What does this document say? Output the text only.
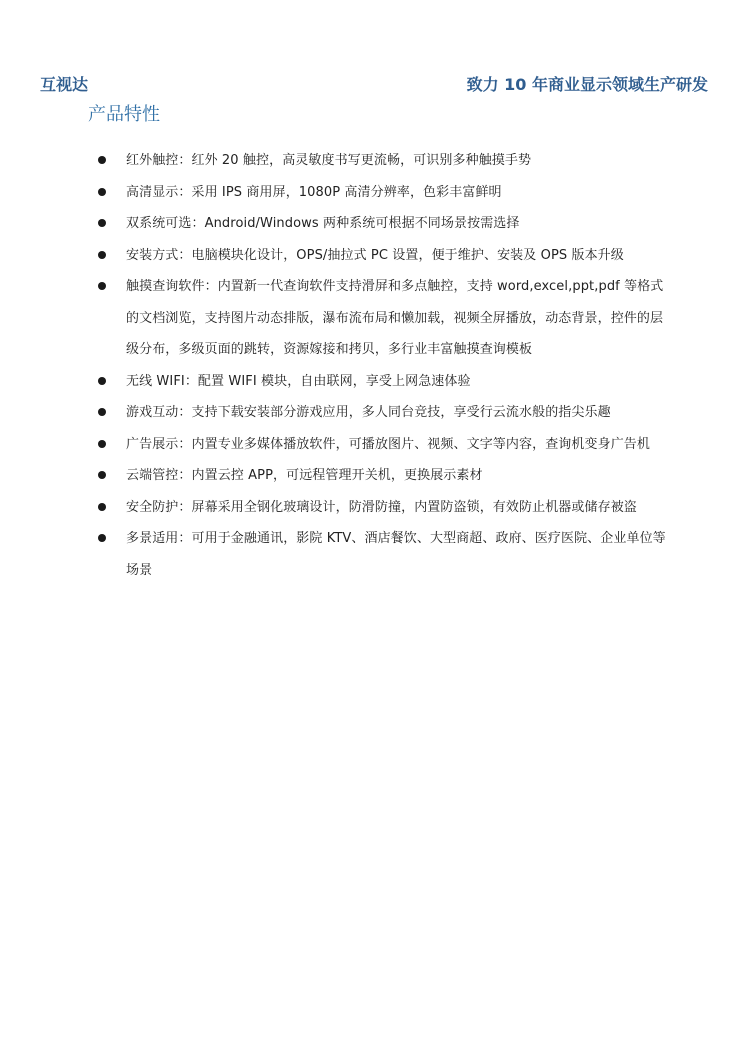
互视达	致力 10 年商业显示领域生产研发
产品特性
红外触控：红外 20 触控，高灵敏度书写更流畅，可识别多种触摸手势
高清显示：采用 IPS 商用屏，1080P 高清分辨率，色彩丰富鲜明
双系统可选：Android/Windows 两种系统可根据不同场景按需选择
安装方式：电脑模块化设计，OPS/抽拉式 PC 设置，便于维护、安装及 OPS 版本升级
触摸查询软件：内置新一代查询软件支持滑屏和多点触控，支持 word,excel,ppt,pdf 等格式的文档浏览，支持图片动态排版，瀑布流布局和懒加载，视频全屏播放，动态背景，控件的层级分布，多级页面的跳转，资源嫁接和拷贝，多行业丰富触摸查询模板
无线 WIFI：配置 WIFI 模块，自由联网，享受上网急速体验
游戏互动：支持下载安装部分游戏应用，多人同台竞技，享受行云流水般的指尖乐趣
广告展示：内置专业多媒体播放软件，可播放图片、视频、文字等内容，查询机变身广告机
云端管控：内置云控 APP，可远程管理开关机，更换展示素材
安全防护：屏幕采用全钢化玻璃设计，防滑防撞，内置防盗锁，有效防止机器或储存被盗
多景适用：可用于金融通讯，影院 KTV、酒店餐饮、大型商超、政府、医疗医院、企业单位等场景
